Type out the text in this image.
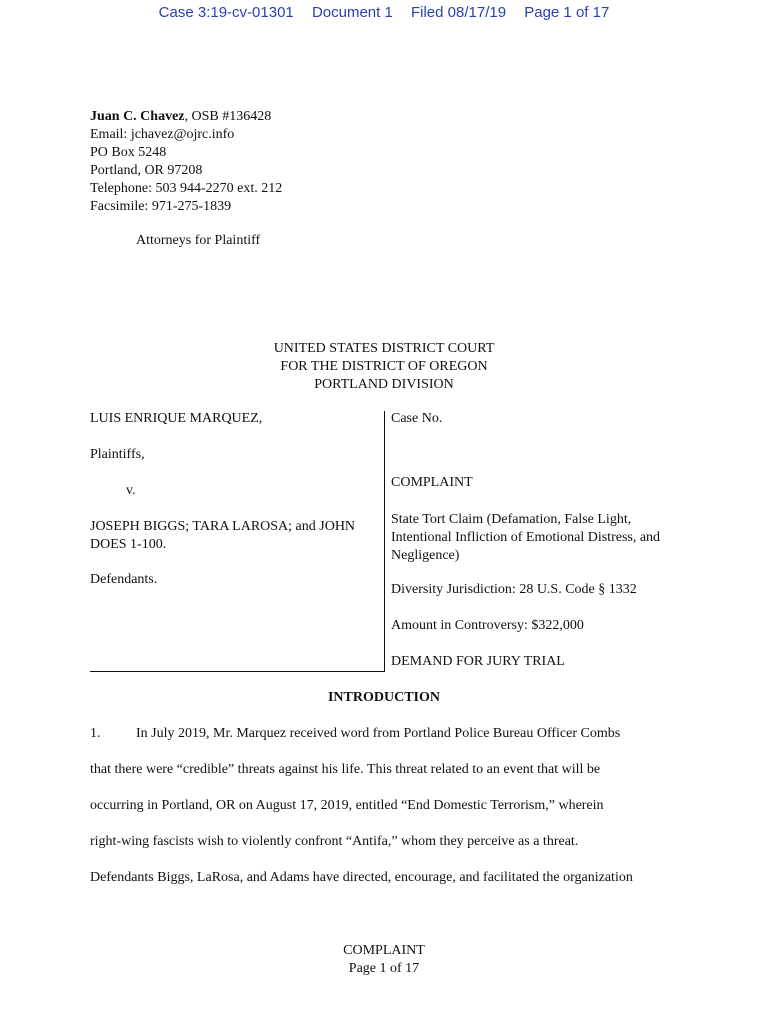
Case 3:19-cv-01301 Document 1 Filed 08/17/19 Page 1 of 17
Juan C. Chavez, OSB #136428
Email: jchavez@ojrc.info
PO Box 5248
Portland, OR 97208
Telephone: 503 944-2270 ext. 212
Facsimile: 971-275-1839
Attorneys for Plaintiff
UNITED STATES DISTRICT COURT
FOR THE DISTRICT OF OREGON
PORTLAND DIVISION
LUIS ENRIQUE MARQUEZ,
Plaintiffs,
v.
JOSEPH BIGGS; TARA LAROSA; and JOHN DOES 1-100.
Defendants.
Case No.
COMPLAINT
State Tort Claim (Defamation, False Light, Intentional Infliction of Emotional Distress, and Negligence)
Diversity Jurisdiction: 28 U.S. Code § 1332
Amount in Controversy: $322,000
DEMAND FOR JURY TRIAL
INTRODUCTION
1.	In July 2019, Mr. Marquez received word from Portland Police Bureau Officer Combs
that there were “credible” threats against his life. This threat related to an event that will be
occurring in Portland, OR on August 17, 2019, entitled “End Domestic Terrorism,” wherein
right-wing fascists wish to violently confront “Antifa,” whom they perceive as a threat.
Defendants Biggs, LaRosa, and Adams have directed, encourage, and facilitated the organization
COMPLAINT
Page 1 of 17
